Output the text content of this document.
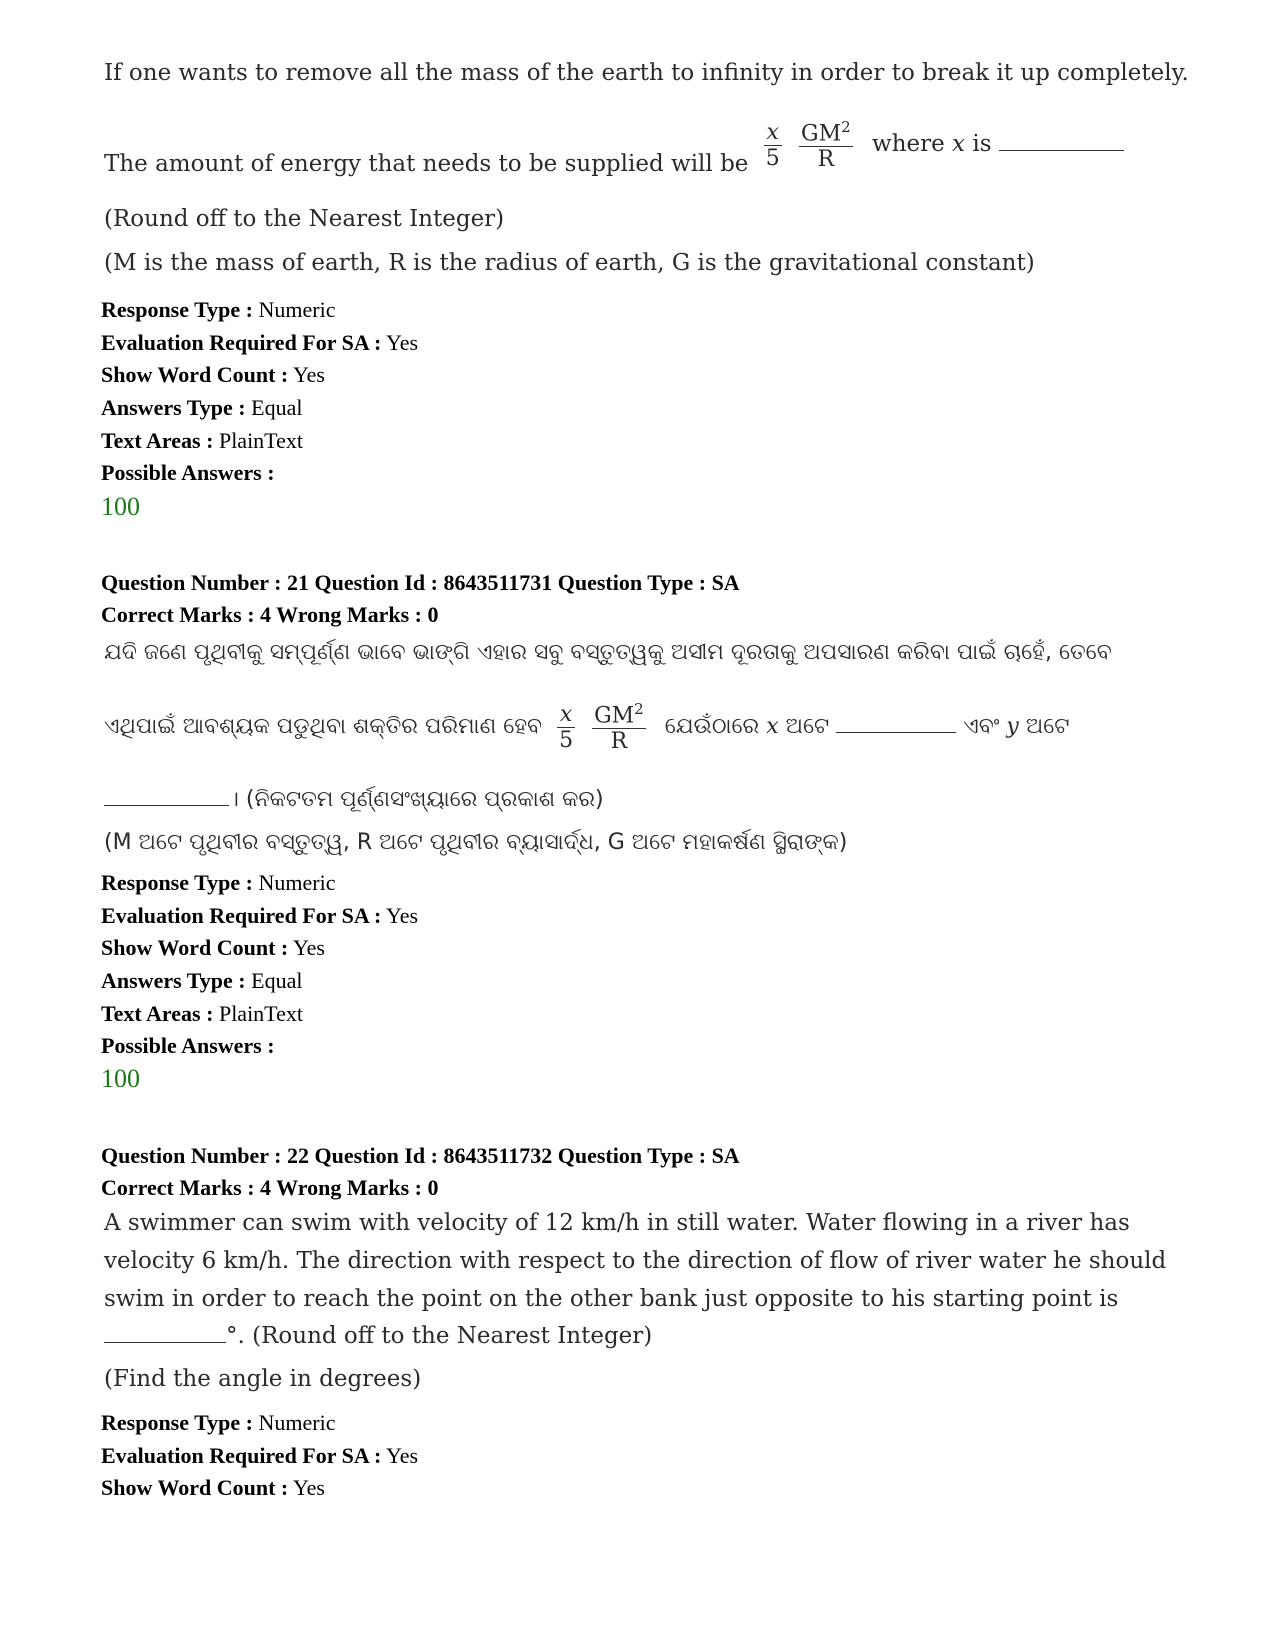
If one wants to remove all the mass of the earth to infinity in order to break it up completely.
The amount of energy that needs to be supplied will be $\frac{x}{5}$
$\frac{GM^2}{R}$ where x is
(Round off to the Nearest Integer)
(M is the mass of earth, R is the radius of earth, G is the gravitational constant)
Response Type : Numeric
Evaluation Required For SA : Yes
Show Word Count : Yes
Answers Type : Equal
Text Areas : PlainText
Possible Answers :
100
Question Number : 21 Question Id : 8643511731 Question Type : SA
Correct Marks : 4 Wrong Marks : 0
ଯଦି ଜଣେ ପୃଥିବୀକୁ ସମ୍ପୂର୍ଣ୍ଣ ଭାବେ ଭାଙ୍ଗି ଏହାର ସବୁ ବସ୍ତୁତ୍ୱକୁ ଅସୀମ ଦୂରତାକୁ ଅପସାରଣ କରିବା ପାଇଁ ଚାହେଁ, ତେବେ
ଏଥିପାଇଁ ଆବଶ୍ୟକ ପଡୁଥିବା ଶକ୍ତିର ପରିମାଣ ହେବ $\frac{x}{5}$
$\frac{GM^2}{R}$ ଯେଉଁଠାରେ x ଅଟେ	ଏବଂ y ଅଟେ
। (ନିକଟତମ ପୂର୍ଣ୍ଣସଂଖ୍ୟାରେ ପ୍ରକାଶ କର)
(M ଅଟେ ପୃଥିବୀର ବସ୍ତୁତ୍ୱ, R ଅଟେ ପୃଥିବୀର ବ୍ୟାସାର୍ଦ୍ଧ, G ଅଟେ ମହାକର୍ଷଣ ସ୍ଥିରାଙ୍କ)
Response Type : Numeric
Evaluation Required For SA : Yes
Show Word Count : Yes
Answers Type : Equal
Text Areas : PlainText
Possible Answers :
100
Question Number : 22 Question Id : 8643511732 Question Type : SA
Correct Marks : 4 Wrong Marks : 0
A swimmer can swim with velocity of 12 km/h in still water. Water flowing in a river has
velocity 6 km/h. The direction with respect to the direction of flow of river water he should
swim in order to reach the point on the other bank just opposite to his starting point is
°. (Round off to the Nearest Integer)
(Find the angle in degrees)
Response Type : Numeric
Evaluation Required For SA : Yes
Show Word Count : Yes
